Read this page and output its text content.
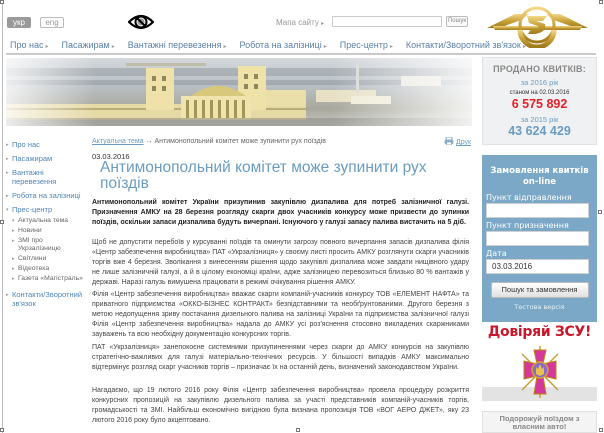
укр	eng	Мапа сайту ▸	Пошук
Про нас ▸ Пасажирам ▸ Вантажні перевезення ▸ Робота на залізниці ▸ Прес-центр ▸ Контакти/Зворотний зв'язок ▸
ПРОДАНО КВИТКІВ:
за 2016 рік
станом на 02.03.2016
6 575 892
за 2015 рік
43 624 429
▸ Про нас
▸ Пасажирам
▸ Вантажні перевезення
▸ Робота на залізниці
▾ Прес-центр
▾ Актуальна тема
▸ Новини
▸ ЗМІ про Укрзалізницю
▸ Світлини
▸ Відеотека
▸ Газета «Магістраль»
▸ Контакти/Зворотний зв'язок
Актуальна тема → Антимонопольний комітет може зупинити рух поїздів	Друк
03.03.2016
Антимонопольний комітет може зупинити рух поїздів
Антимонопольний комітет України призупинив закупівлю дизпалива для потреб залізничної галузі. Призначення АМКУ на 28 березня розгляду скарги двох учасників конкурсу може призвести до зупинки поїздів, оскільки запаси дизпалива будуть вичерпані. Існуючого у галузі запасу палива вистачить на 5 діб.
Щоб не допустити перебоїв у курсуванні поїздів та оминути загрозу повного вичерпання запасів дизпалива філія «Центр забезпечення виробництва» ПАТ «Укрзалізниця» у своєму листі просить АМКУ розглянути скарги учасників торгів вже 4 березня. Зволікання з винесенням рішення щодо закупівлі дизпалива може завдати нищівного удару не лише залізничній галузі, а й в цілому економіці країни, адже залізницею перевозиться близько 80 % вантажів у державі. Наразі галузь вимушена працювати в режимі очікування рішення АМКУ.
Філія «Центр забезпечення виробництва» вважає скарги компаній-учасників конкурсу ТОВ «ЕЛЕМЕНТ НАФТА» та приватного підприємства «ОККО-БІЗНЕС КОНТРАКТ» безпідставними та необґрунтованими. Другого березня з метою недопущення зриву постачання дизельного палива на залізниці України та підприємства залізничної галузі Філія «Центр забезпечення виробництва» надала до АМКУ усі роз'яснення стосовно викладених скаржниками зауважень та всю необхідну документацію конкурсних торгів.
ПАТ «Укрзалізниця» занепокоєне системними призупиненнями через скарги до АМКУ конкурсів на закупівлю стратегічно-важливих для галузі матеріально-технічних ресурсів. У більшості випадків АМКУ максимально відтермінує розгляд скарг учасників торгів – призначає їх на останній день, визначений законодавством України.
Нагадаємо, що 19 лютого 2016 року Філія «Центр забезпечення виробництва» провела процедуру розкриття конкурсних пропозицій на закупівлю дизельного палива за участі представників компаній-учасників торгів, громадськості та ЗМІ. Найбільш економічно вигідною була визнана пропозиція ТОВ «ВОГ АЕРО ДЖЕТ», яку 23 лютого 2016 року було акцептовано.
Замовлення квитків
on-line
Пункт відправлення
Пункт призначення
Дата
03.03.2016
Пошук та замовлення
Тестова версія
Довіряй ЗСУ!
Подорожуй поїздом з
власним авто!
